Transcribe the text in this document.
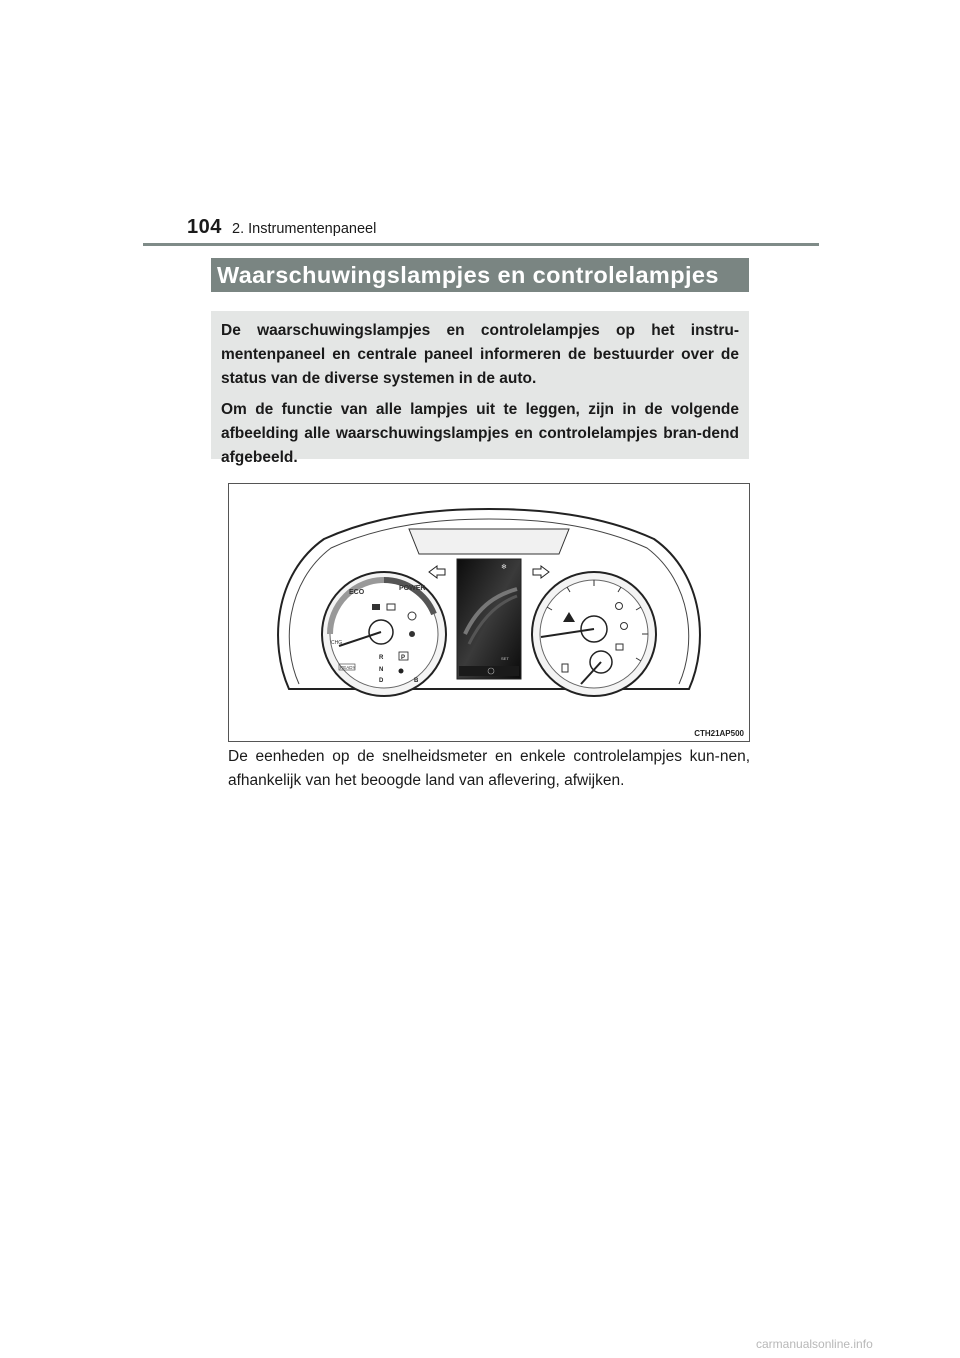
104 2. Instrumentenpaneel
Waarschuwingslampjes en controlelampjes

De waarschuwingslampjes en controlelampjes op het instru-mentenpaneel en centrale paneel informeren de bestuurder over de status van de diverse systemen in de auto.

Om de functie van alle lampjes uit te leggen, zijn in de volgende afbeelding alle waarschuwingslampjes en controlelampjes bran-dend afgebeeld.

ECO
POWER
CHG
READY
R	P
N
D	B
❄
SET
CTH21AP500
De eenheden op de snelheidsmeter en enkele controlelampjes kun-nen, afhankelijk van het beoogde land van aflevering, afwijken.
carmanualsonline.info
